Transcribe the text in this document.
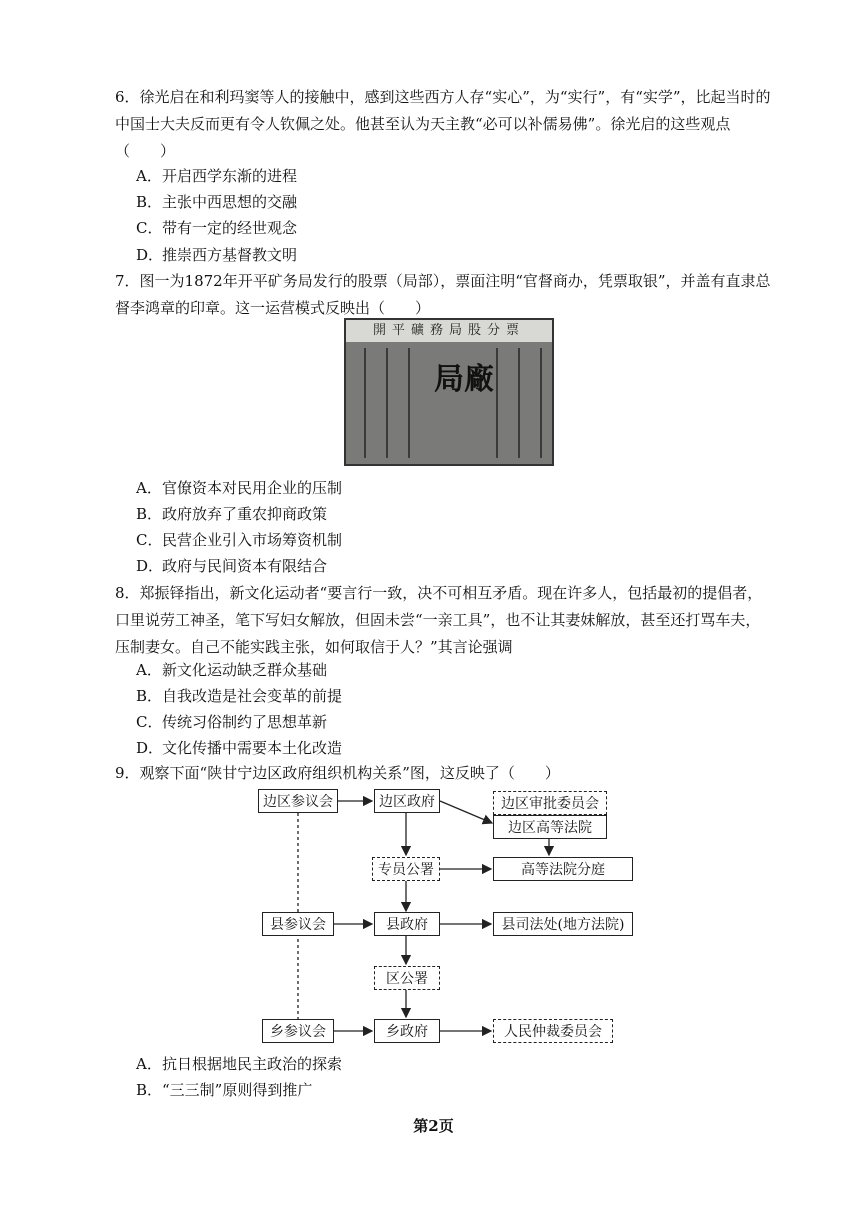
6．徐光启在和利玛窦等人的接触中，感到这些西方人存“实心”，为“实行”，有“实学”，比起当时的中国士大夫反而更有令人钦佩之处。他甚至认为天主教“必可以补儒易佛”。徐光启的这些观点（　　）
A．开启西学东渐的进程
B．主张中西思想的交融
C．带有一定的经世观念
D．推崇西方基督教文明
7．图一为1872年开平矿务局发行的股票（局部），票面注明“官督商办，凭票取银”，并盖有直隶总督李鸿章的印章。这一运营模式反映出（　　）
開平礦務局股分票
局廠
A．官僚资本对民用企业的压制
B．政府放弃了重农抑商政策
C．民营企业引入市场筹资机制
D．政府与民间资本有限结合
8．郑振铎指出，新文化运动者“要言行一致，决不可相互矛盾。现在许多人，包括最初的提倡者，口里说劳工神圣，笔下写妇女解放，但固未尝“一亲工具”，也不让其妻妹解放，甚至还打骂车夫，压制妻女。自己不能实践主张，如何取信于人？”其言论强调
A．新文化运动缺乏群众基础
B．自我改造是社会变革的前提
C．传统习俗制约了思想革新
D．文化传播中需要本土化改造
9．观察下面“陕甘宁边区政府组织机构关系”图，这反映了（　　）
边区参议会	边区政府	边区审批委员会
边区高等法院
专员公署	高等法院分庭
县参议会	县政府	县司法处(地方法院)
区公署
乡参议会	乡政府	人民仲裁委员会
A．抗日根据地民主政治的探索
B．“三三制”原则得到推广
第2页
